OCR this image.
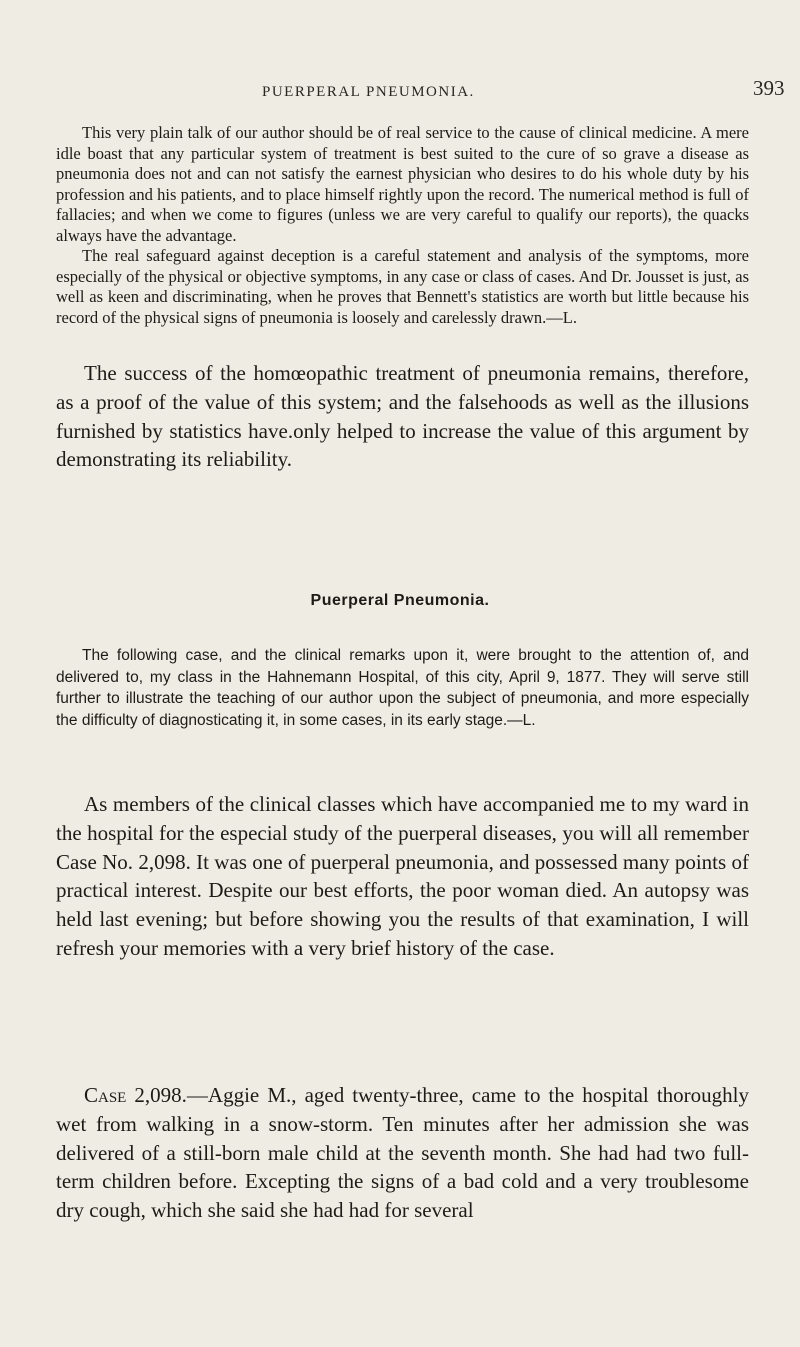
PUERPERAL PNEUMONIA.	393

This very plain talk of our author should be of real service to the cause of clinical medicine. A mere idle boast that any particular system of treatment is best suited to the cure of so grave a disease as pneumonia does not and can not satisfy the earnest physician who desires to do his whole duty by his profession and his patients, and to place himself rightly upon the record. The numerical method is full of fallacies; and when we come to figures (unless we are very careful to qualify our reports), the quacks always have the advantage.

The real safeguard against deception is a careful statement and analysis of the symptoms, more especially of the physical or objective symptoms, in any case or class of cases. And Dr. Jousset is just, as well as keen and discriminating, when he proves that Bennett's statistics are worth but little because his record of the physical signs of pneumonia is loosely and carelessly drawn.—L.

The success of the homœopathic treatment of pneumonia remains, therefore, as a proof of the value of this system; and the falsehoods as well as the illusions furnished by statistics have.only helped to increase the value of this argument by demonstrating its reliability.

Puerperal Pneumonia.

The following case, and the clinical remarks upon it, were brought to the attention of, and delivered to, my class in the Hahnemann Hospital, of this city, April 9, 1877. They will serve still further to illustrate the teaching of our author upon the subject of pneumonia, and more especially the difficulty of diagnosticating it, in some cases, in its early stage.—L.

As members of the clinical classes which have accompanied me to my ward in the hospital for the especial study of the puerperal diseases, you will all remember Case No. 2,098. It was one of puerperal pneumonia, and possessed many points of practical interest. Despite our best efforts, the poor woman died. An autopsy was held last evening; but before showing you the results of that examination, I will refresh your memories with a very brief history of the case.

Case 2,098.—Aggie M., aged twenty-three, came to the hospital thoroughly wet from walking in a snow-storm. Ten minutes after her admission she was delivered of a still-born male child at the seventh month. She had had two full-term children before. Excepting the signs of a bad cold and a very troublesome dry cough, which she said she had had for several
